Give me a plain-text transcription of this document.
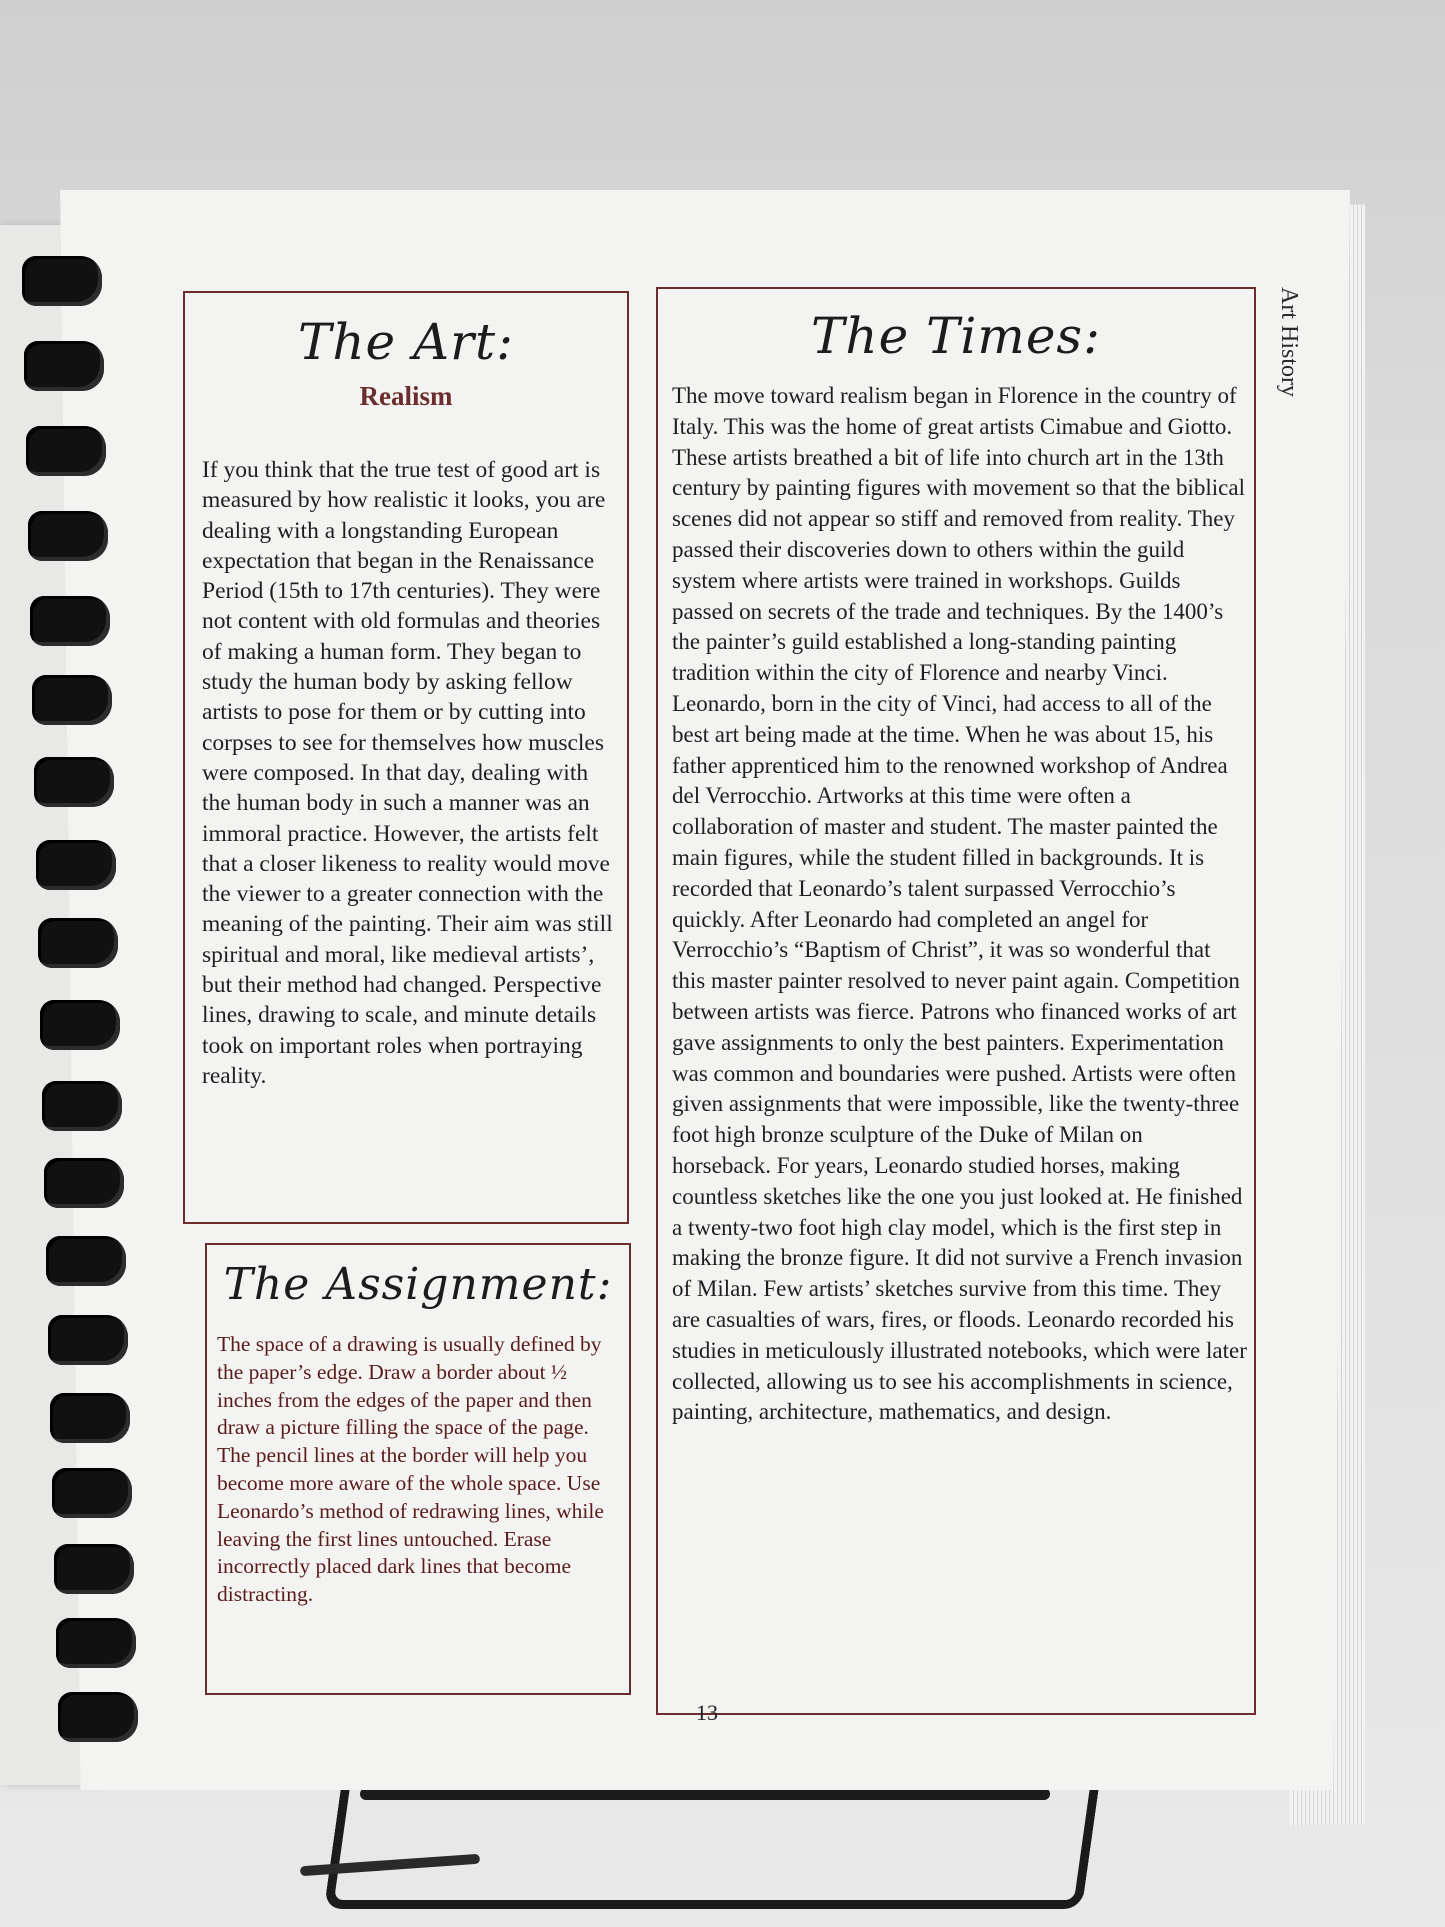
Art History
The Art:
Realism

If you think that the true test of good art is measured by how realistic it looks, you are dealing with a longstanding European expectation that began in the Renaissance Period (15th to 17th centuries). They were not content with old formulas and theories of making a human form. They began to study the human body by asking fellow artists to pose for them or by cutting into corpses to see for themselves how muscles were composed. In that day, dealing with the human body in such a manner was an immoral practice. However, the artists felt that a closer likeness to reality would move the viewer to a greater connection with the meaning of the painting. Their aim was still spiritual and moral, like medieval artists’, but their method had changed. Perspective lines, drawing to scale, and minute details took on important roles when portraying reality.

The Times:

The move toward realism began in Florence in the country of Italy. This was the home of great artists Cimabue and Giotto. These artists breathed a bit of life into church art in the 13th century by painting figures with movement so that the biblical scenes did not appear so stiff and removed from reality. They passed their discoveries down to others within the guild system where artists were trained in workshops. Guilds passed on secrets of the trade and techniques. By the 1400’s the painter’s guild established a long-standing painting tradition within the city of Florence and nearby Vinci. Leonardo, born in the city of Vinci, had access to all of the best art being made at the time. When he was about 15, his father apprenticed him to the renowned workshop of Andrea del Verrocchio. Artworks at this time were often a collaboration of master and student. The master painted the main figures, while the student filled in backgrounds. It is recorded that Leonardo’s talent surpassed Verrocchio’s quickly. After Leonardo had completed an angel for Verrocchio’s “Baptism of Christ”, it was so wonderful that this master painter resolved to never paint again. Competition between artists was fierce. Patrons who financed works of art gave assignments to only the best painters. Experimentation was common and boundaries were pushed. Artists were often given assignments that were impossible, like the twenty-three foot high bronze sculpture of the Duke of Milan on horseback. For years, Leonardo studied horses, making countless sketches like the one you just looked at. He finished a twenty-two foot high clay model, which is the first step in making the bronze figure. It did not survive a French invasion of Milan. Few artists’ sketches survive from this time. They are casualties of wars, fires, or floods. Leonardo recorded his studies in meticulously illustrated notebooks, which were later collected, allowing us to see his accomplishments in science, painting, architecture, mathematics, and design.

The Assignment:

The space of a drawing is usually defined by the paper’s edge. Draw a border about ½ inches from the edges of the paper and then draw a picture filling the space of the page. The pencil lines at the border will help you become more aware of the whole space. Use Leonardo’s method of redrawing lines, while leaving the first lines untouched. Erase incorrectly placed dark lines that become distracting.

13
